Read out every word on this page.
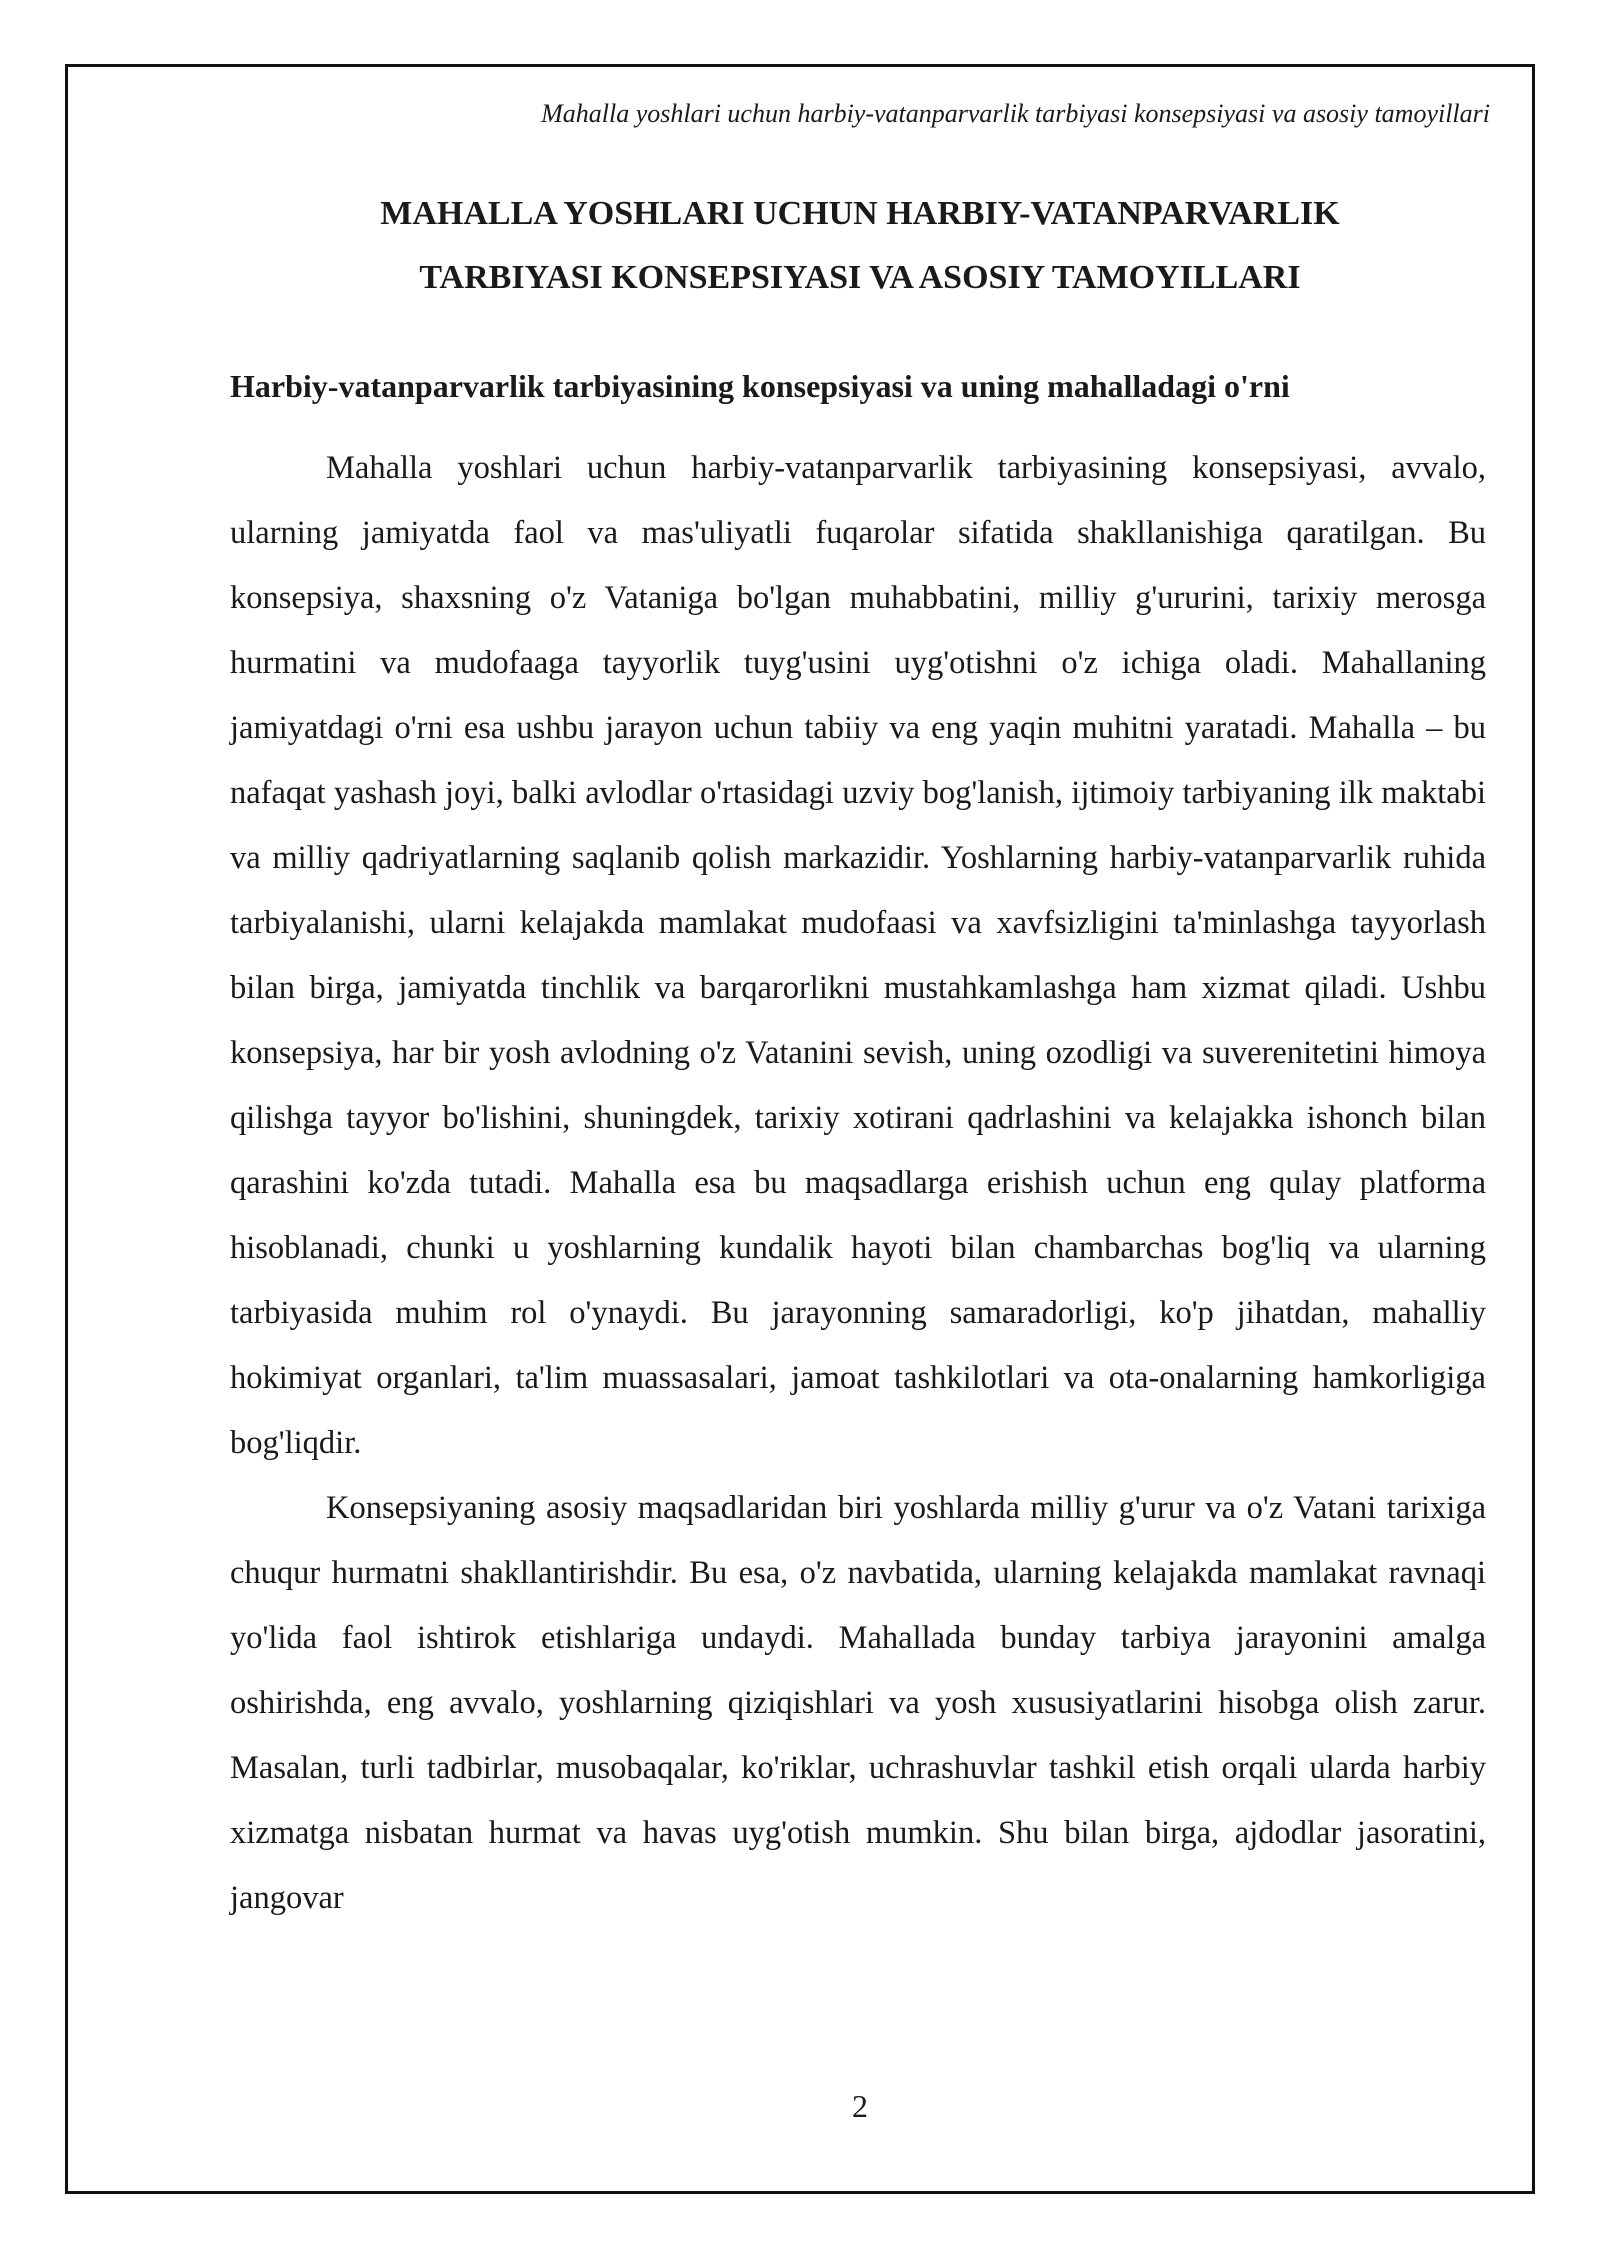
Mahalla yoshlari uchun harbiy-vatanparvarlik tarbiyasi konsepsiyasi va asosiy tamoyillari
MAHALLA YOSHLARI UCHUN HARBIY-VATANPARVARLIK
TARBIYASI KONSEPSIYASI VA ASOSIY TAMOYILLARI
Harbiy-vatanparvarlik tarbiyasining konsepsiyasi va uning mahalladagi o'rni

Mahalla yoshlari uchun harbiy-vatanparvarlik tarbiyasining konsepsiyasi, avvalo, ularning jamiyatda faol va mas'uliyatli fuqarolar sifatida shakllanishiga qaratilgan. Bu konsepsiya, shaxsning o'z Vataniga bo'lgan muhabbatini, milliy g'ururini, tarixiy merosga hurmatini va mudofaaga tayyorlik tuyg'usini uyg'otishni o'z ichiga oladi. Mahallaning jamiyatdagi o'rni esa ushbu jarayon uchun tabiiy va eng yaqin muhitni yaratadi. Mahalla – bu nafaqat yashash joyi, balki avlodlar o'rtasidagi uzviy bog'lanish, ijtimoiy tarbiyaning ilk maktabi va milliy qadriyatlarning saqlanib qolish markazidir. Yoshlarning harbiy-vatanparvarlik ruhida tarbiyalanishi, ularni kelajakda mamlakat mudofaasi va xavfsizligini ta'minlashga tayyorlash bilan birga, jamiyatda tinchlik va barqarorlikni mustahkamlashga ham xizmat qiladi. Ushbu konsepsiya, har bir yosh avlodning o'z Vatanini sevish, uning ozodligi va suverenitetini himoya qilishga tayyor bo'lishini, shuningdek, tarixiy xotirani qadrlashini va kelajakka ishonch bilan qarashini ko'zda tutadi. Mahalla esa bu maqsadlarga erishish uchun eng qulay platforma hisoblanadi, chunki u yoshlarning kundalik hayoti bilan chambarchas bog'liq va ularning tarbiyasida muhim rol o'ynaydi. Bu jarayonning samaradorligi, ko'p jihatdan, mahalliy hokimiyat organlari, ta'lim muassasalari, jamoat tashkilotlari va ota-onalarning hamkorligiga bog'liqdir.

Konsepsiyaning asosiy maqsadlaridan biri yoshlarda milliy g'urur va o'z Vatani tarixiga chuqur hurmatni shakllantirishdir. Bu esa, o'z navbatida, ularning kelajakda mamlakat ravnaqi yo'lida faol ishtirok etishlariga undaydi. Mahallada bunday tarbiya jarayonini amalga oshirishda, eng avvalo, yoshlarning qiziqishlari va yosh xususiyatlarini hisobga olish zarur. Masalan, turli tadbirlar, musobaqalar, ko'riklar, uchrashuvlar tashkil etish orqali ularda harbiy xizmatga nisbatan hurmat va havas uyg'otish mumkin. Shu bilan birga, ajdodlar jasoratini, jangovar

2
